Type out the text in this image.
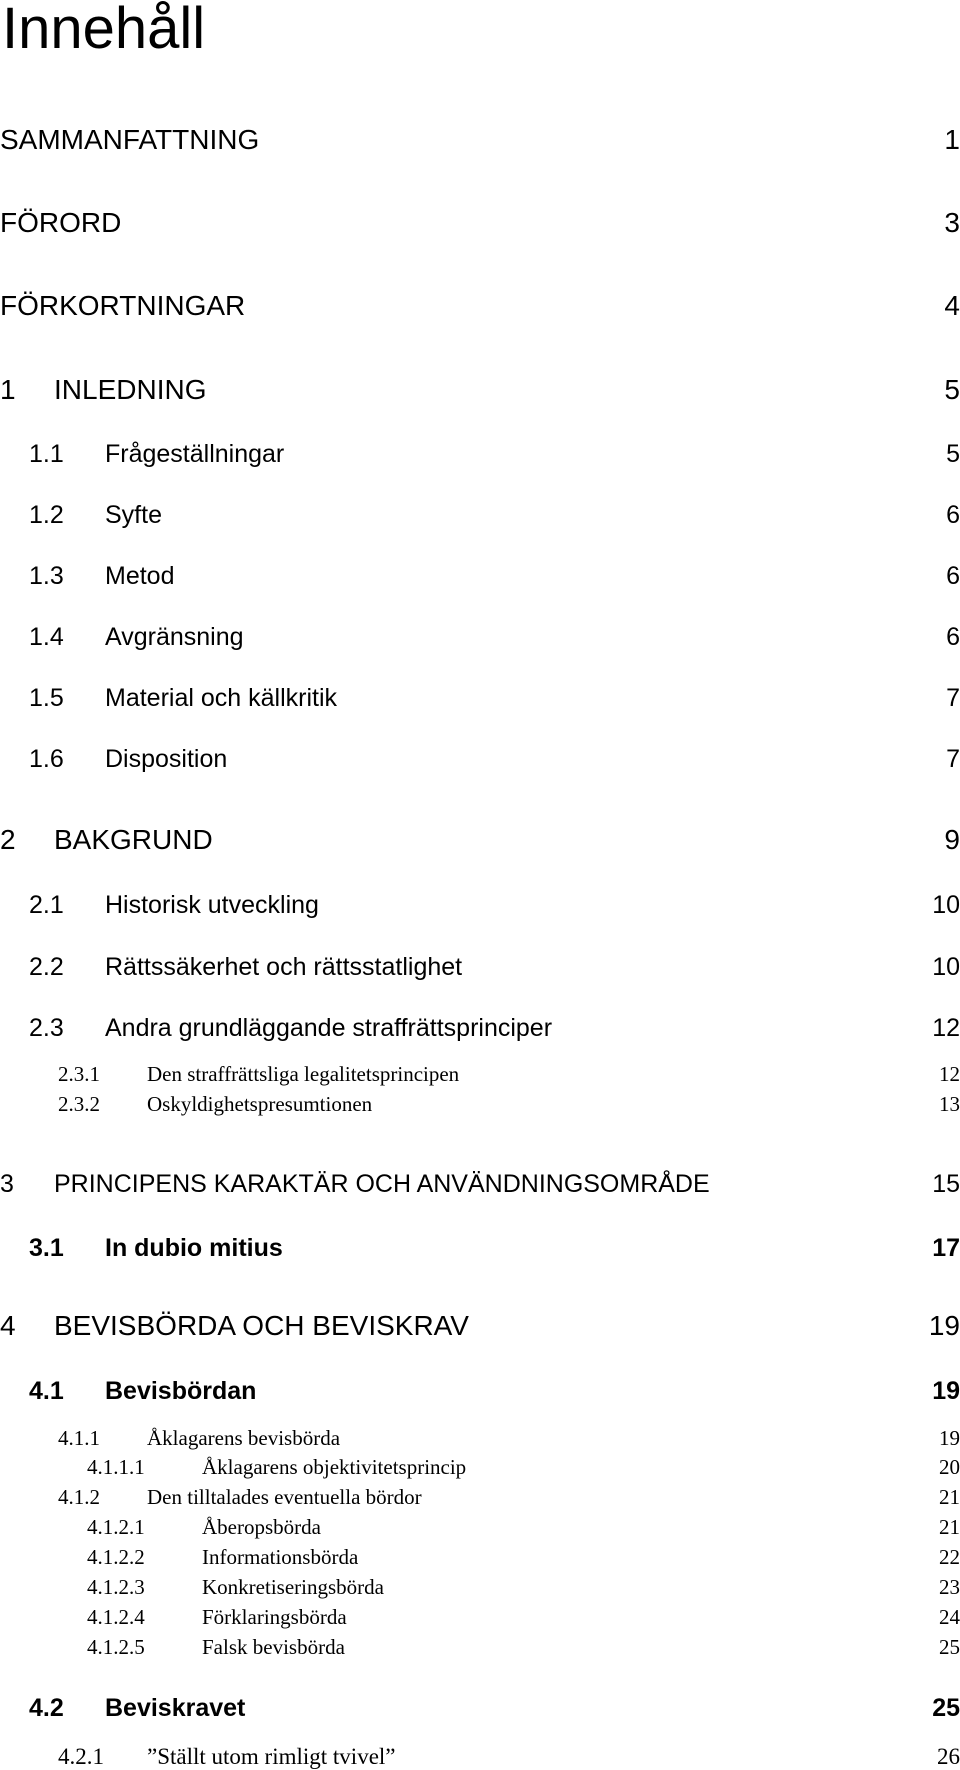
Innehåll
SAMMANFATTNING	1
FÖRORD	3
FÖRKORTNINGAR	4
1 INLEDNING	5
1.1 Frågeställningar	5
1.2 Syfte	6
1.3 Metod	6
1.4 Avgränsning	6
1.5 Material och källkritik	7
1.6 Disposition	7
2 BAKGRUND	9
2.1 Historisk utveckling	10
2.2 Rättssäkerhet och rättsstatlighet	10
2.3 Andra grundläggande straffrättsprinciper	12
2.3.1 Den straffrättsliga legalitetsprincipen	12
2.3.2 Oskyldighetspresumtionen	13
3 PRINCIPENS KARAKTÄR OCH ANVÄNDNINGSOMRÅDE	15
3.1 In dubio mitius	17
4 BEVISBÖRDA OCH BEVISKRAV	19
4.1 Bevisbördan	19
4.1.1 Åklagarens bevisbörda	19
4.1.1.1	Åklagarens objektivitetsprincip	20
4.1.2 Den tilltalades eventuella bördor	21
4.1.2.1	Åberopsbörda	21
4.1.2.2	Informationsbörda	22
4.1.2.3	Konkretiseringsbörda	23
4.1.2.4	Förklaringsbörda	24
4.1.2.5	Falsk bevisbörda	25
4.2 Beviskravet	25
4.2.1 ”Ställt utom rimligt tvivel”	26
